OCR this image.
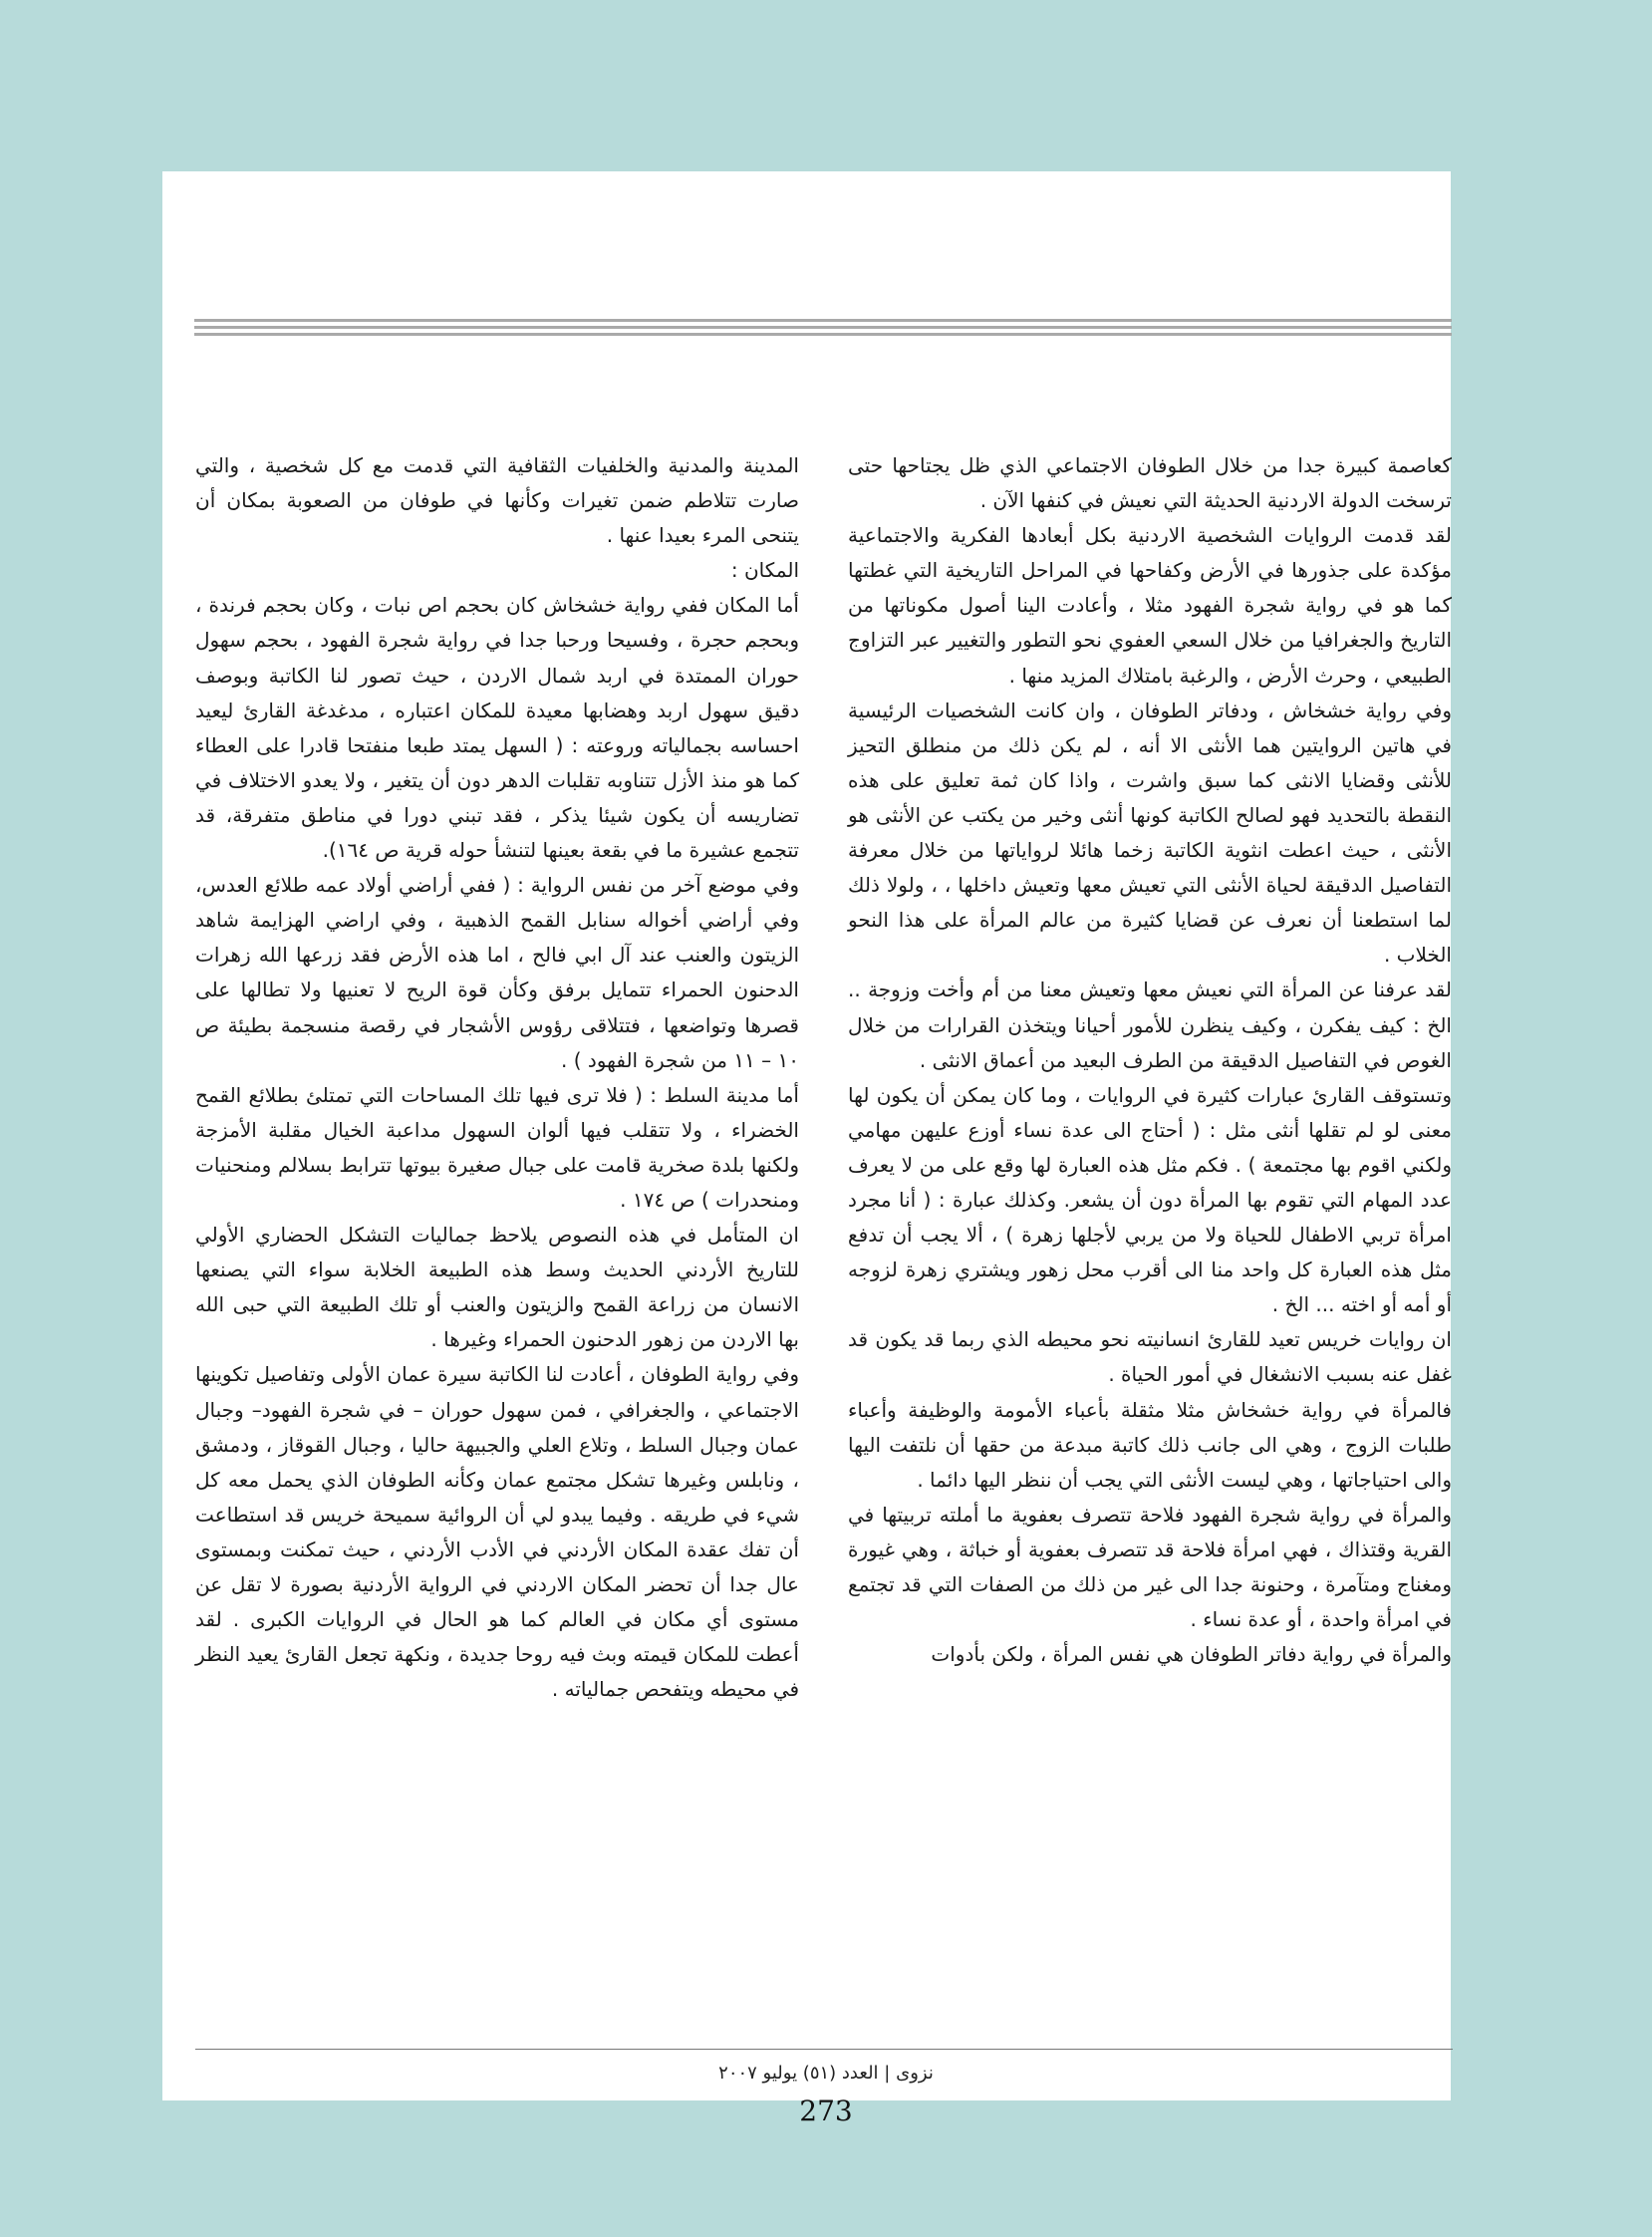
كعاصمة كبيرة جدا من خلال الطوفان الاجتماعي الذي ظل يجتاحها حتى ترسخت الدولة الاردنية الحديثة التي نعيش في كنفها الآن .

لقد قدمت الروايات الشخصية الاردنية بكل أبعادها الفكرية والاجتماعية مؤكدة على جذورها في الأرض وكفاحها في المراحل التاريخية التي غطتها كما هو في رواية شجرة الفهود مثلا ، وأعادت الينا أصول مكوناتها من التاريخ والجغرافيا من خلال السعي العفوي نحو التطور والتغيير عبر التزاوج الطبيعي ، وحرث الأرض ، والرغبة بامتلاك المزيد منها .

وفي رواية خشخاش ، ودفاتر الطوفان ، وان كانت الشخصيات الرئيسية في هاتين الروايتين هما الأنثى الا أنه ، لم يكن ذلك من منطلق التحيز للأنثى وقضايا الانثى كما سبق واشرت ، واذا كان ثمة تعليق على هذه النقطة بالتحديد فهو لصالح الكاتبة كونها أنثى وخير من يكتب عن الأنثى هو الأنثى ، حيث اعطت انثوية الكاتبة زخما هائلا لرواياتها من خلال معرفة التفاصيل الدقيقة لحياة الأنثى التي تعيش معها وتعيش داخلها ، ، ولولا ذلك لما استطعنا أن نعرف عن قضايا كثيرة من عالم المرأة على هذا النحو الخلاب .

لقد عرفنا عن المرأة التي نعيش معها وتعيش معنا من أم وأخت وزوجة .. الخ : كيف يفكرن ، وكيف ينظرن للأمور أحيانا ويتخذن القرارات من خلال الغوص في التفاصيل الدقيقة من الطرف البعيد من أعماق الانثى .

وتستوقف القارئ عبارات كثيرة في الروايات ، وما كان يمكن أن يكون لها معنى لو لم تقلها أنثى مثل : ( أحتاج الى عدة نساء أوزع عليهن مهامي ولكني اقوم بها مجتمعة ) . فكم مثل هذه العبارة لها وقع على من لا يعرف عدد المهام التي تقوم بها المرأة دون أن يشعر. وكذلك عبارة : ( أنا مجرد امرأة تربي الاطفال للحياة ولا من يربي لأجلها زهرة ) ، ألا يجب أن تدفع مثل هذه العبارة كل واحد منا الى أقرب محل زهور ويشتري زهرة لزوجه أو أمه أو اخته ... الخ .

ان روايات خريس تعيد للقارئ انسانيته نحو محيطه الذي ربما قد يكون قد غفل عنه بسبب الانشغال في أمور الحياة .

فالمرأة في رواية خشخاش مثلا مثقلة بأعباء الأمومة والوظيفة وأعباء طلبات الزوج ، وهي الى جانب ذلك كاتبة مبدعة من حقها أن نلتفت اليها والى احتياجاتها ، وهي ليست الأنثى التي يجب أن ننظر اليها دائما .

والمرأة في رواية شجرة الفهود فلاحة تتصرف بعفوية ما أملته تربيتها في القرية وقتذاك ، فهي امرأة فلاحة قد تتصرف بعفوية أو خباثة ، وهي غيورة ومغناج ومتآمرة ، وحنونة جدا الى غير من ذلك من الصفات التي قد تجتمع في امرأة واحدة ، أو عدة نساء .

والمرأة في رواية دفاتر الطوفان هي نفس المرأة ، ولكن بأدوات

المدينة والمدنية والخلفيات الثقافية التي قدمت مع كل شخصية ، والتي صارت تتلاطم ضمن تغيرات وكأنها في طوفان من الصعوبة بمكان أن يتنحى المرء بعيدا عنها .

المكان :

أما المكان ففي رواية خشخاش كان بحجم اص نبات ، وكان بحجم فرندة ، وبحجم حجرة ، وفسيحا ورحبا جدا في رواية شجرة الفهود ، بحجم سهول حوران الممتدة في اربد شمال الاردن ، حيث تصور لنا الكاتبة وبوصف دقيق سهول اربد وهضابها معيدة للمكان اعتباره ، مدغدغة القارئ ليعيد احساسه بجمالياته وروعته : ( السهل يمتد طبعا منفتحا قادرا على العطاء كما هو منذ الأزل تتناوبه تقلبات الدهر دون أن يتغير ، ولا يعدو الاختلاف في تضاريسه أن يكون شيئا يذكر ، فقد تبني دورا في مناطق متفرقة، قد تتجمع عشيرة ما في بقعة بعينها لتنشأ حوله قرية ص ١٦٤).

وفي موضع آخر من نفس الرواية : ( ففي أراضي أولاد عمه طلائع العدس، وفي أراضي أخواله سنابل القمح الذهبية ، وفي اراضي الهزايمة شاهد الزيتون والعنب عند آل ابي فالح ، اما هذه الأرض فقد زرعها الله زهرات الدحنون الحمراء تتمايل برفق وكأن قوة الريح لا تعنيها ولا تطالها على قصرها وتواضعها ، فتتلاقى رؤوس الأشجار في رقصة منسجمة بطيئة ص ١٠ – ١١ من شجرة الفهود ) .

أما مدينة السلط : ( فلا ترى فيها تلك المساحات التي تمتلئ بطلائع القمح الخضراء ، ولا تتقلب فيها ألوان السهول مداعبة الخيال مقلبة الأمزجة ولكنها بلدة صخرية قامت على جبال صغيرة بيوتها تترابط بسلالم ومنحنيات ومنحدرات ) ص ١٧٤ .

ان المتأمل في هذه النصوص يلاحظ جماليات التشكل الحضاري الأولي للتاريخ الأردني الحديث وسط هذه الطبيعة الخلابة سواء التي يصنعها الانسان من زراعة القمح والزيتون والعنب أو تلك الطبيعة التي حبى الله بها الاردن من زهور الدحنون الحمراء وغيرها .

وفي رواية الطوفان ، أعادت لنا الكاتبة سيرة عمان الأولى وتفاصيل تكوينها الاجتماعي ، والجغرافي ، فمن سهول حوران – في شجرة الفهود– وجبال عمان وجبال السلط ، وتلاع العلي والجبيهة حاليا ، وجبال القوقاز ، ودمشق ، ونابلس وغيرها تشكل مجتمع عمان وكأنه الطوفان الذي يحمل معه كل شيء في طريقه . وفيما يبدو لي أن الروائية سميحة خريس قد استطاعت أن تفك عقدة المكان الأردني في الأدب الأردني ، حيث تمكنت وبمستوى عال جدا أن تحضر المكان الاردني في الرواية الأردنية بصورة لا تقل عن مستوى أي مكان في العالم كما هو الحال في الروايات الكبرى . لقد أعطت للمكان قيمته وبث فيه روحا جديدة ، ونكهة تجعل القارئ يعيد النظر في محيطه ويتفحص جمالياته .

نزوى | العدد (٥١) يوليو ٢٠٠٧
273
